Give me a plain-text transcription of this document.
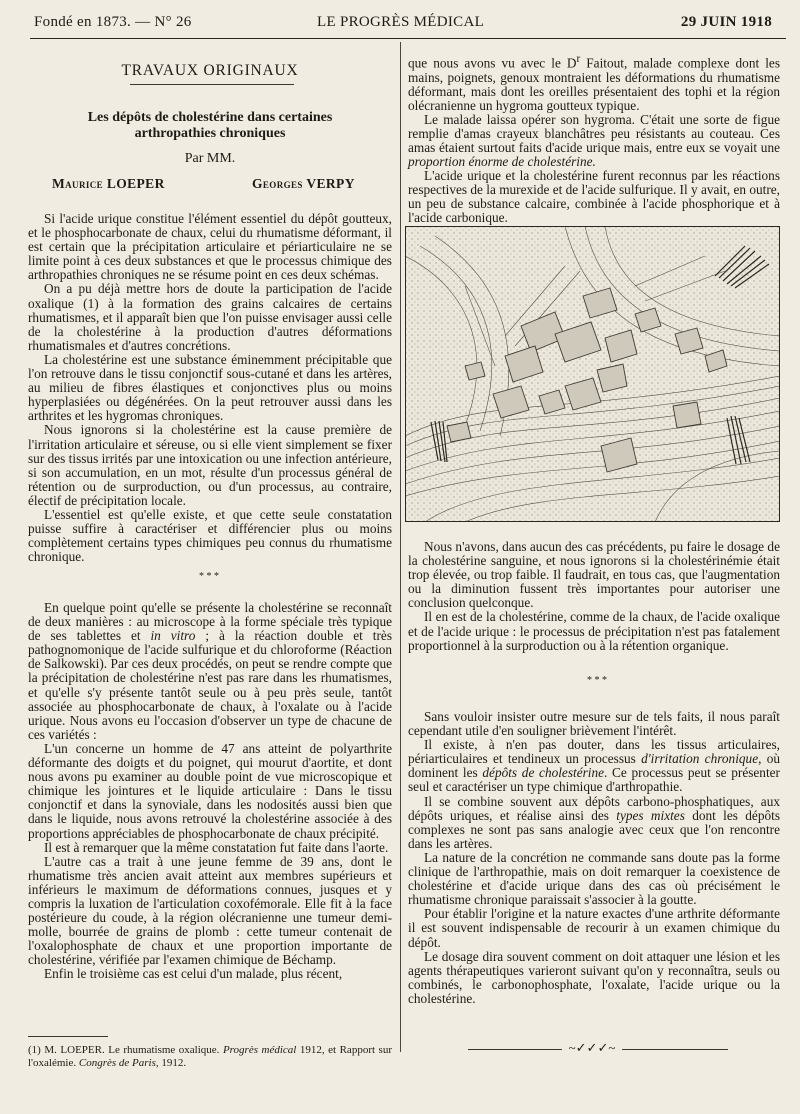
Fondé en 1873. — N° 26	LE PROGRÈS MÉDICAL	29 JUIN 1918
TRAVAUX ORIGINAUX
Les dépôts de cholestérine dans certaines
arthropathies chroniques
Par MM.
Maurice LOEPER	Georges VERPY

Si l'acide urique constitue l'élément essentiel du dépôt goutteux, et le phosphocarbonate de chaux, celui du rhumatisme déformant, il est certain que la précipitation articulaire et périarticulaire ne se limite point à ces deux substances et que le processus chimique des arthropathies chroniques ne se résume point en ces deux schémas.

On a pu déjà mettre hors de doute la participation de l'acide oxalique (1) à la formation des grains calcaires de certains rhumatismes, et il apparaît bien que l'on puisse envisager aussi celle de la cholestérine à la production d'autres déformations rhumatismales et d'autres concrétions.

La cholestérine est une substance éminemment précipitable que l'on retrouve dans le tissu conjonctif sous-cutané et dans les artères, au milieu de fibres élastiques et conjonctives plus ou moins hyperplasiées ou dégénérées. On la peut retrouver aussi dans les arthrites et les hygromas chroniques.

Nous ignorons si la cholestérine est la cause première de l'irritation articulaire et séreuse, ou si elle vient simplement se fixer sur des tissus irrités par une intoxication ou une infection antérieure, si son accumulation, en un mot, résulte d'un processus général de rétention ou de surproduction, ou d'un processus, au contraire, électif de précipitation locale.

L'essentiel est qu'elle existe, et que cette seule constatation puisse suffire à caractériser et différencier plus ou moins complètement certains types chimiques peu connus du rhumatisme chronique.

* * *

En quelque point qu'elle se présente la cholestérine se reconnaît de deux manières : au microscope à la forme spéciale très typique de ses tablettes et in vitro ; à la réaction double et très pathognomonique de l'acide sulfurique et du chloroforme (Réaction de Salkowski). Par ces deux procédés, on peut se rendre compte que la précipitation de cholestérine n'est pas rare dans les rhumatismes, et qu'elle s'y présente tantôt seule ou à peu près seule, tantôt associée au phosphocarbonate de chaux, à l'oxalate ou à l'acide urique. Nous avons eu l'occasion d'observer un type de chacune de ces variétés :

L'un concerne un homme de 47 ans atteint de polyarthrite déformante des doigts et du poignet, qui mourut d'aortite, et dont nous avons pu examiner au double point de vue microscopique et chimique les jointures et le liquide articulaire : Dans le tissu conjonctif et dans la synoviale, dans les nodosités aussi bien que dans le liquide, nous avons retrouvé la cholestérine associée à des proportions appréciables de phosphocarbonate de chaux précipité.

Il est à remarquer que la même constatation fut faite dans l'aorte.

L'autre cas a trait à une jeune femme de 39 ans, dont le rhumatisme très ancien avait atteint aux membres supérieurs et inférieurs le maximum de déformations connues, jusques et y compris la luxation de l'articulation coxofémorale. Elle fit à la face postérieure du coude, à la région olécranienne une tumeur demi-molle, bourrée de grains de plomb : cette tumeur contenait de l'oxalophosphate de chaux et une proportion importante de cholestérine, vérifiée par l'examen chimique de Béchamp.

Enfin le troisième cas est celui d'un malade, plus récent,

(1) M. LOEPER. Le rhumatisme oxalique. Progrès médical 1912, et Rapport sur l'oxalémie. Congrès de Paris, 1912.

que nous avons vu avec le $D^r$ Faitout, malade complexe dont les mains, poignets, genoux montraient les déformations du rhumatisme déformant, mais dont les oreilles présentaient des tophi et la région olécranienne un hygroma goutteux typique.

Le malade laissa opérer son hygroma. C'était une sorte de figue remplie d'amas crayeux blanchâtres peu résistants au couteau. Ces amas étaient surtout faits d'acide urique mais, entre eux se voyait une proportion énorme de cholestérine.

L'acide urique et la cholestérine furent reconnus par les réactions respectives de la murexide et de l'acide sulfurique. Il y avait, en outre, un peu de substance calcaire, combinée à l'acide phosphorique et à l'acide carbonique.

Nous n'avons, dans aucun des cas précédents, pu faire le dosage de la cholestérine sanguine, et nous ignorons si la cholestérinémie était trop élevée, ou trop faible. Il faudrait, en tous cas, que l'augmentation ou la diminution fussent très importantes pour autoriser une conclusion quelconque.

Il en est de la cholestérine, comme de la chaux, de l'acide oxalique et de l'acide urique : le processus de précipitation n'est pas fatalement proportionnel à la surproduction ou à la rétention organique.

* * *

Sans vouloir insister outre mesure sur de tels faits, il nous paraît cependant utile d'en souligner brièvement l'intérêt.

Il existe, à n'en pas douter, dans les tissus articulaires, périarticulaires et tendineux un processus d'irritation chronique, où dominent les dépôts de cholestérine. Ce processus peut se présenter seul et caractériser un type chimique d'arthropathie.

Il se combine souvent aux dépôts carbono-phosphatiques, aux dépôts uriques, et réalise ainsi des types mixtes dont les dépôts complexes ne sont pas sans analogie avec ceux que l'on rencontre dans les artères.

La nature de la concrétion ne commande sans doute pas la forme clinique de l'arthropathie, mais on doit remarquer la coexistence de cholestérine et d'acide urique dans des cas où précisément le rhumatisme chronique paraissait s'associer à la goutte.

Pour établir l'origine et la nature exactes d'une arthrite déformante il est souvent indispensable de recourir à un examen chimique du dépôt.

Le dosage dira souvent comment on doit attaquer une lésion et les agents thérapeutiques varieront suivant qu'on y reconnaîtra, seuls ou combinés, le carbonophosphate, l'oxalate, l'acide urique ou la cholestérine.

~✓✓✓~
